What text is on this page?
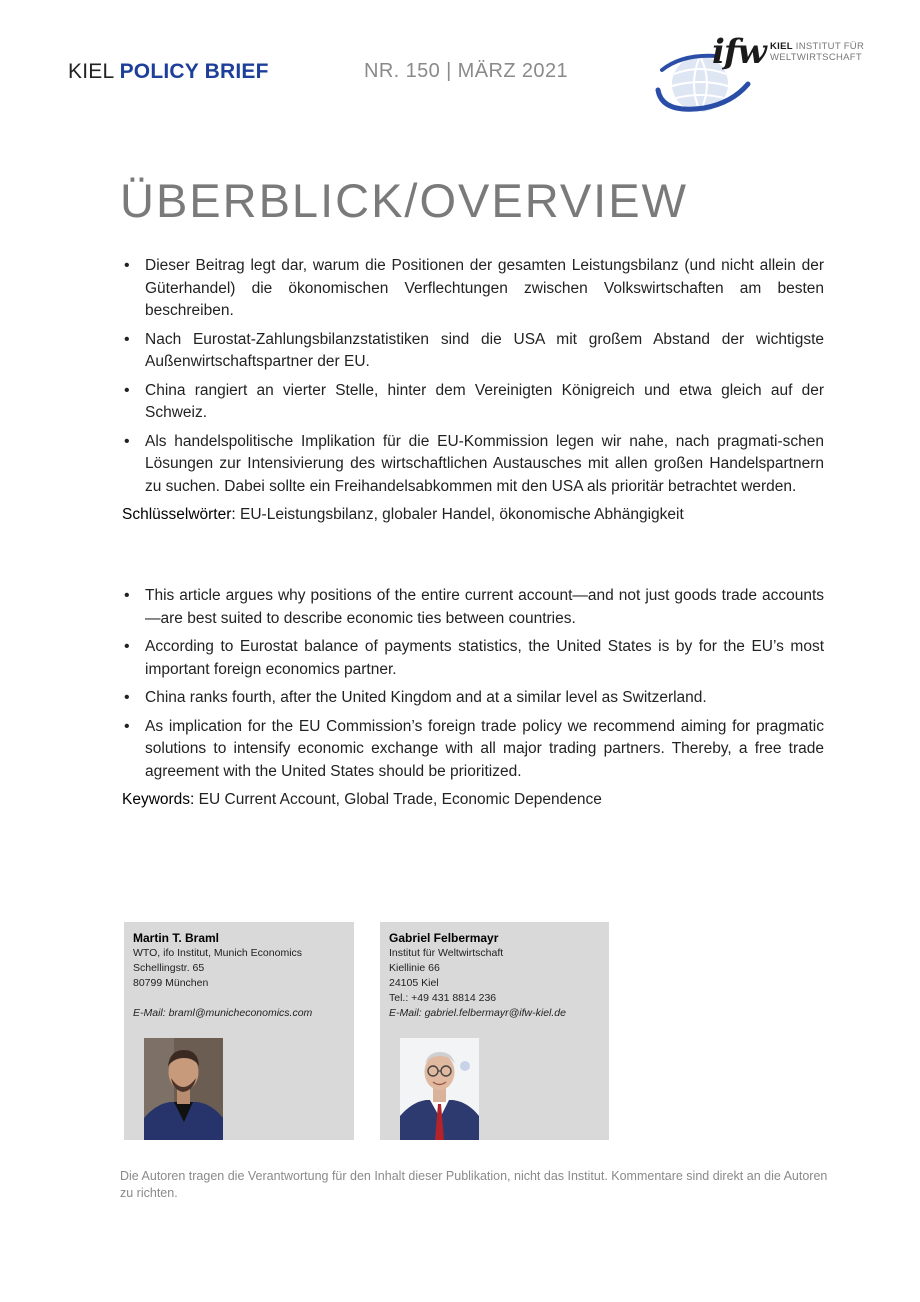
KIEL POLICY BRIEF	NR. 150 | MÄRZ 2021	ifw KIEL INSTITUT FÜR
WELTWIRTSCHAFT
ÜBERBLICK/OVERVIEW
• Dieser Beitrag legt dar, warum die Positionen der gesamten Leistungsbilanz (und nicht allein der Güterhandel) die ökonomischen Verflechtungen zwischen Volkswirtschaften am besten beschreiben.
• Nach Eurostat-Zahlungsbilanzstatistiken sind die USA mit großem Abstand der wichtigste Außenwirtschaftspartner der EU.
• China rangiert an vierter Stelle, hinter dem Vereinigten Königreich und etwa gleich auf der Schweiz.
• Als handelspolitische Implikation für die EU-Kommission legen wir nahe, nach pragmati-schen Lösungen zur Intensivierung des wirtschaftlichen Austausches mit allen großen Handelspartnern zu suchen. Dabei sollte ein Freihandelsabkommen mit den USA als prioritär betrachtet werden.
Schlüsselwörter: EU-Leistungsbilanz, globaler Handel, ökonomische Abhängigkeit
• This article argues why positions of the entire current account—and not just goods trade accounts—are best suited to describe economic ties between countries.
• According to Eurostat balance of payments statistics, the United States is by for the EU’s most important foreign economics partner.
• China ranks fourth, after the United Kingdom and at a similar level as Switzerland.
• As implication for the EU Commission’s foreign trade policy we recommend aiming for pragmatic solutions to intensify economic exchange with all major trading partners. Thereby, a free trade agreement with the United States should be prioritized.
Keywords: EU Current Account, Global Trade, Economic Dependence
Martin T. Braml
WTO, ifo Institut, Munich Economics
Schellingstr. 65
80799 München
E-Mail: braml@municheconomics.com
Gabriel Felbermayr
Institut für Weltwirtschaft
Kiellinie 66
24105 Kiel
Tel.: +49 431 8814 236
E-Mail: gabriel.felbermayr@ifw-kiel.de
Die Autoren tragen die Verantwortung für den Inhalt dieser Publikation, nicht das Institut. Kommentare sind direkt an die Autoren zu richten.
